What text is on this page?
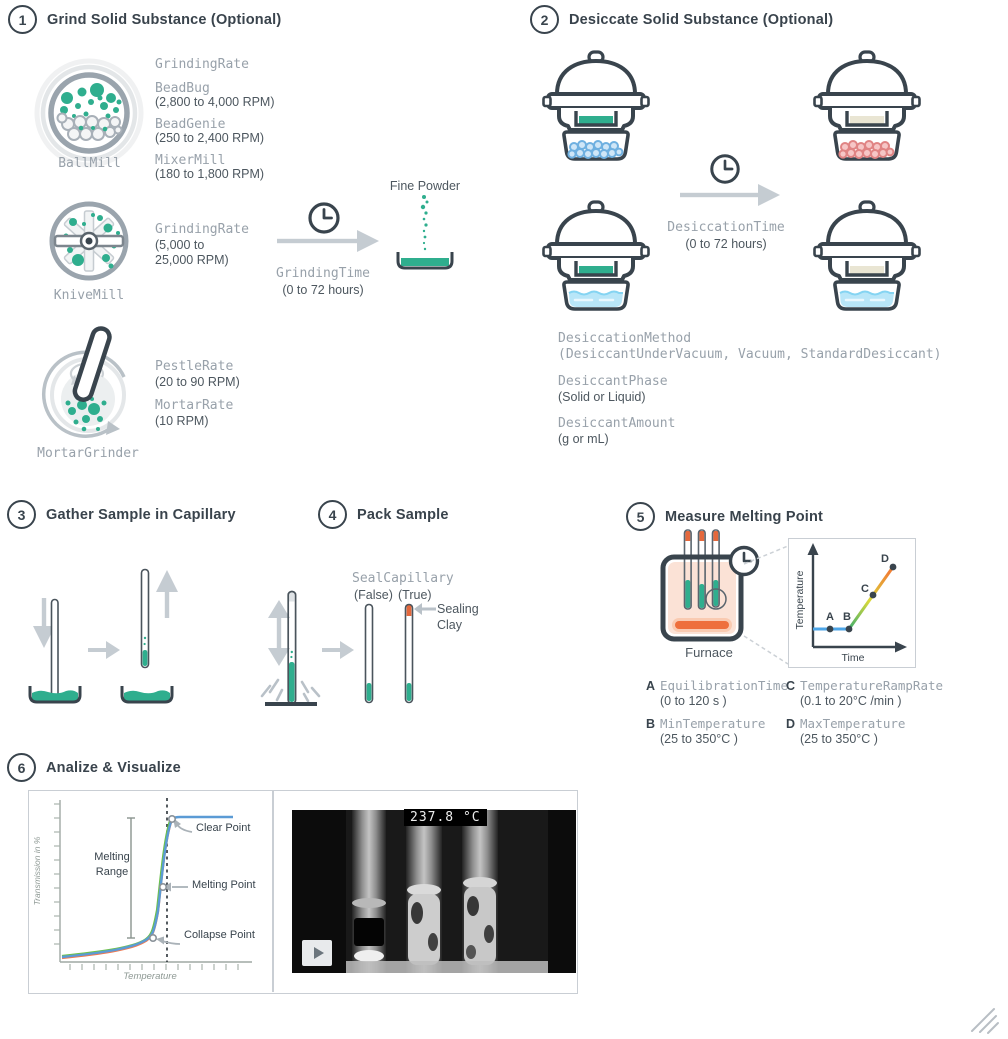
1	Grind Solid Substance (Optional)	2	Desiccate Solid Substance (Optional)
3	Gather Sample in Capillary	4	Pack Sample	5	Measure Melting Point
6	Analize & Visualize
BallMill
GrindingRate
BeadBug
(2,800 to 4,000 RPM)
BeadGenie
(250 to 2,400 RPM)
MixerMill
(180 to 1,800 RPM)
KniveMill
GrindingRate
(5,000 to 25,000 RPM)
GrindingTime
(0 to 72 hours)
Fine Powder
MortarGrinder
PestleRate
(20 to 90 RPM)
MortarRate
(10 RPM)
DesiccationTime
(0 to 72 hours)
DesiccationMethod
(DesiccantUnderVacuum, Vacuum, StandardDesiccant)
DesiccantPhase
(Solid or Liquid)
DesiccantAmount
(g or mL)
SealCapillary
(False) (True)
Sealing Clay
Furnace
A B
C
D
Temperature
Time
A EquilibrationTime
(0 to 120 s )
B MinTemperature
(25 to 350°C )
C TemperatureRampRate
(0.1 to 20°C /min )
D MaxTemperature
(25 to 350°C )
Transmission in %
Temperature
Melting Range
Clear Point
Melting Point
Collapse Point
237.8 °C
